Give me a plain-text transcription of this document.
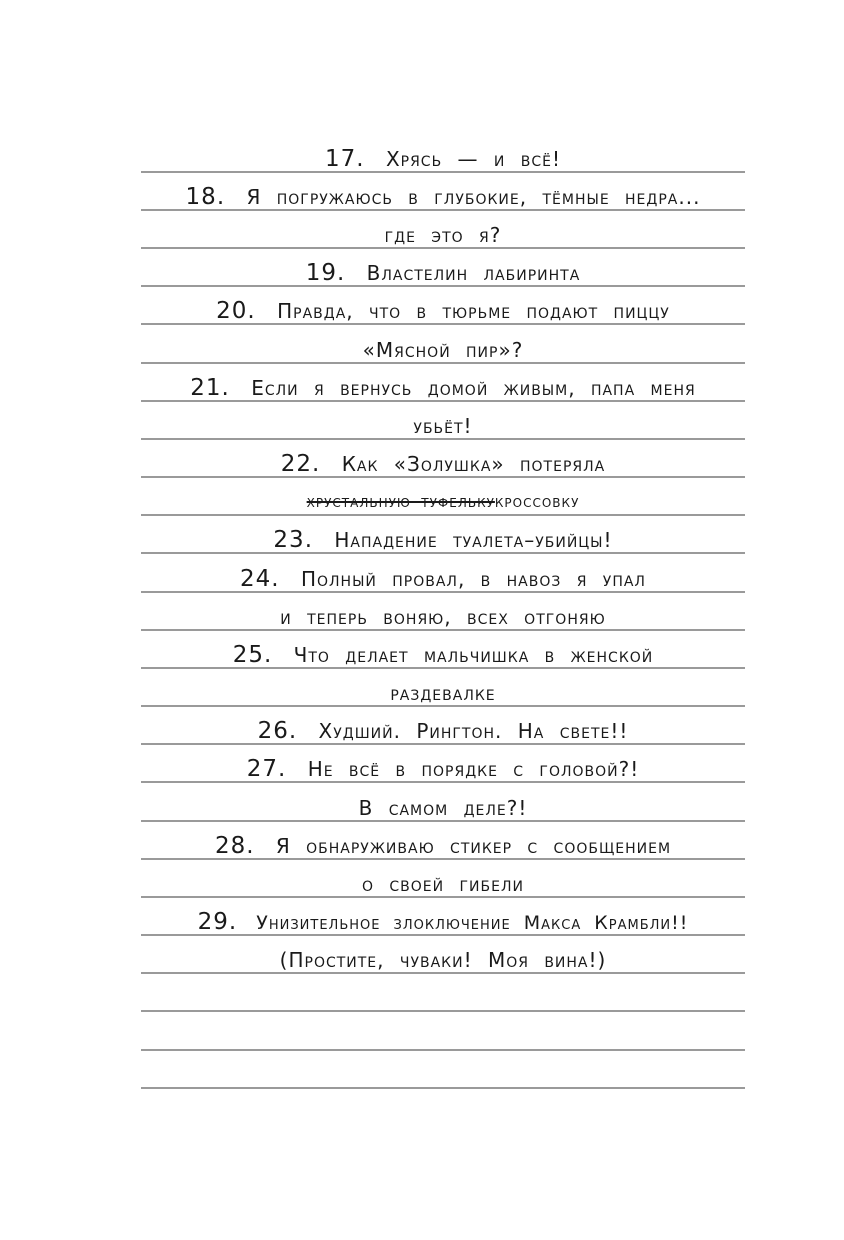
17. Хрясь — и всё!
18. Я погружаюсь в глубокие, тёмные недра...
где это я?
19. Властелин лабиринта
20. Правда, что в тюрьме подают пиццу
«Мясной пир»?
21. Если я вернусь домой живым, папа меня
убьёт!
22. Как «Золушка» потеряла
хрустальную туфелькукроссовку
23. Нападение туалета–убийцы!
24. Полный провал, в навоз я упал
и теперь воняю, всех отгоняю
25. Что делает мальчишка в женской
раздевалке
26. Худший. Рингтон. На свете!!
27. Не всё в порядке с головой?!
В самом деле?!
28. Я обнаруживаю стикер с сообщением
о своей гибели
29. Унизительное злоключение Макса Крамбли!!
(Простите, чуваки! Моя вина!)
